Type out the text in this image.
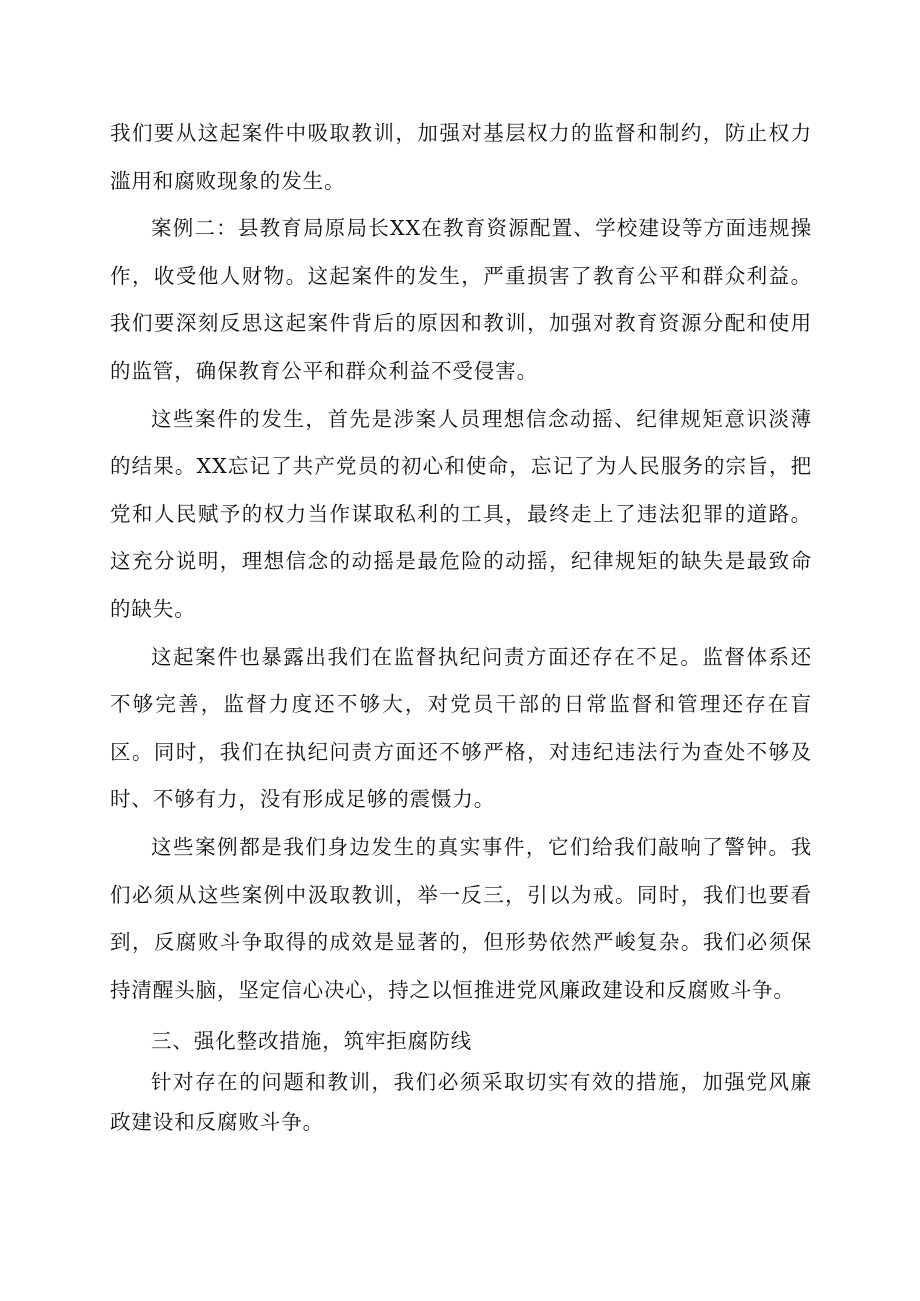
我们要从这起案件中吸取教训，加强对基层权力的监督和制约，防止权力滥用和腐败现象的发生。

案例二：县教育局原局长XX在教育资源配置、学校建设等方面违规操作，收受他人财物。这起案件的发生，严重损害了教育公平和群众利益。我们要深刻反思这起案件背后的原因和教训，加强对教育资源分配和使用的监管，确保教育公平和群众利益不受侵害。

这些案件的发生，首先是涉案人员理想信念动摇、纪律规矩意识淡薄的结果。XX忘记了共产党员的初心和使命，忘记了为人民服务的宗旨，把党和人民赋予的权力当作谋取私利的工具，最终走上了违法犯罪的道路。这充分说明，理想信念的动摇是最危险的动摇，纪律规矩的缺失是最致命的缺失。

这起案件也暴露出我们在监督执纪问责方面还存在不足。监督体系还不够完善，监督力度还不够大，对党员干部的日常监督和管理还存在盲区。同时，我们在执纪问责方面还不够严格，对违纪违法行为查处不够及时、不够有力，没有形成足够的震慑力。

这些案例都是我们身边发生的真实事件，它们给我们敲响了警钟。我们必须从这些案例中汲取教训，举一反三，引以为戒。同时，我们也要看到，反腐败斗争取得的成效是显著的，但形势依然严峻复杂。我们必须保持清醒头脑，坚定信心决心，持之以恒推进党风廉政建设和反腐败斗争。

三、强化整改措施，筑牢拒腐防线

针对存在的问题和教训，我们必须采取切实有效的措施，加强党风廉政建设和反腐败斗争。
